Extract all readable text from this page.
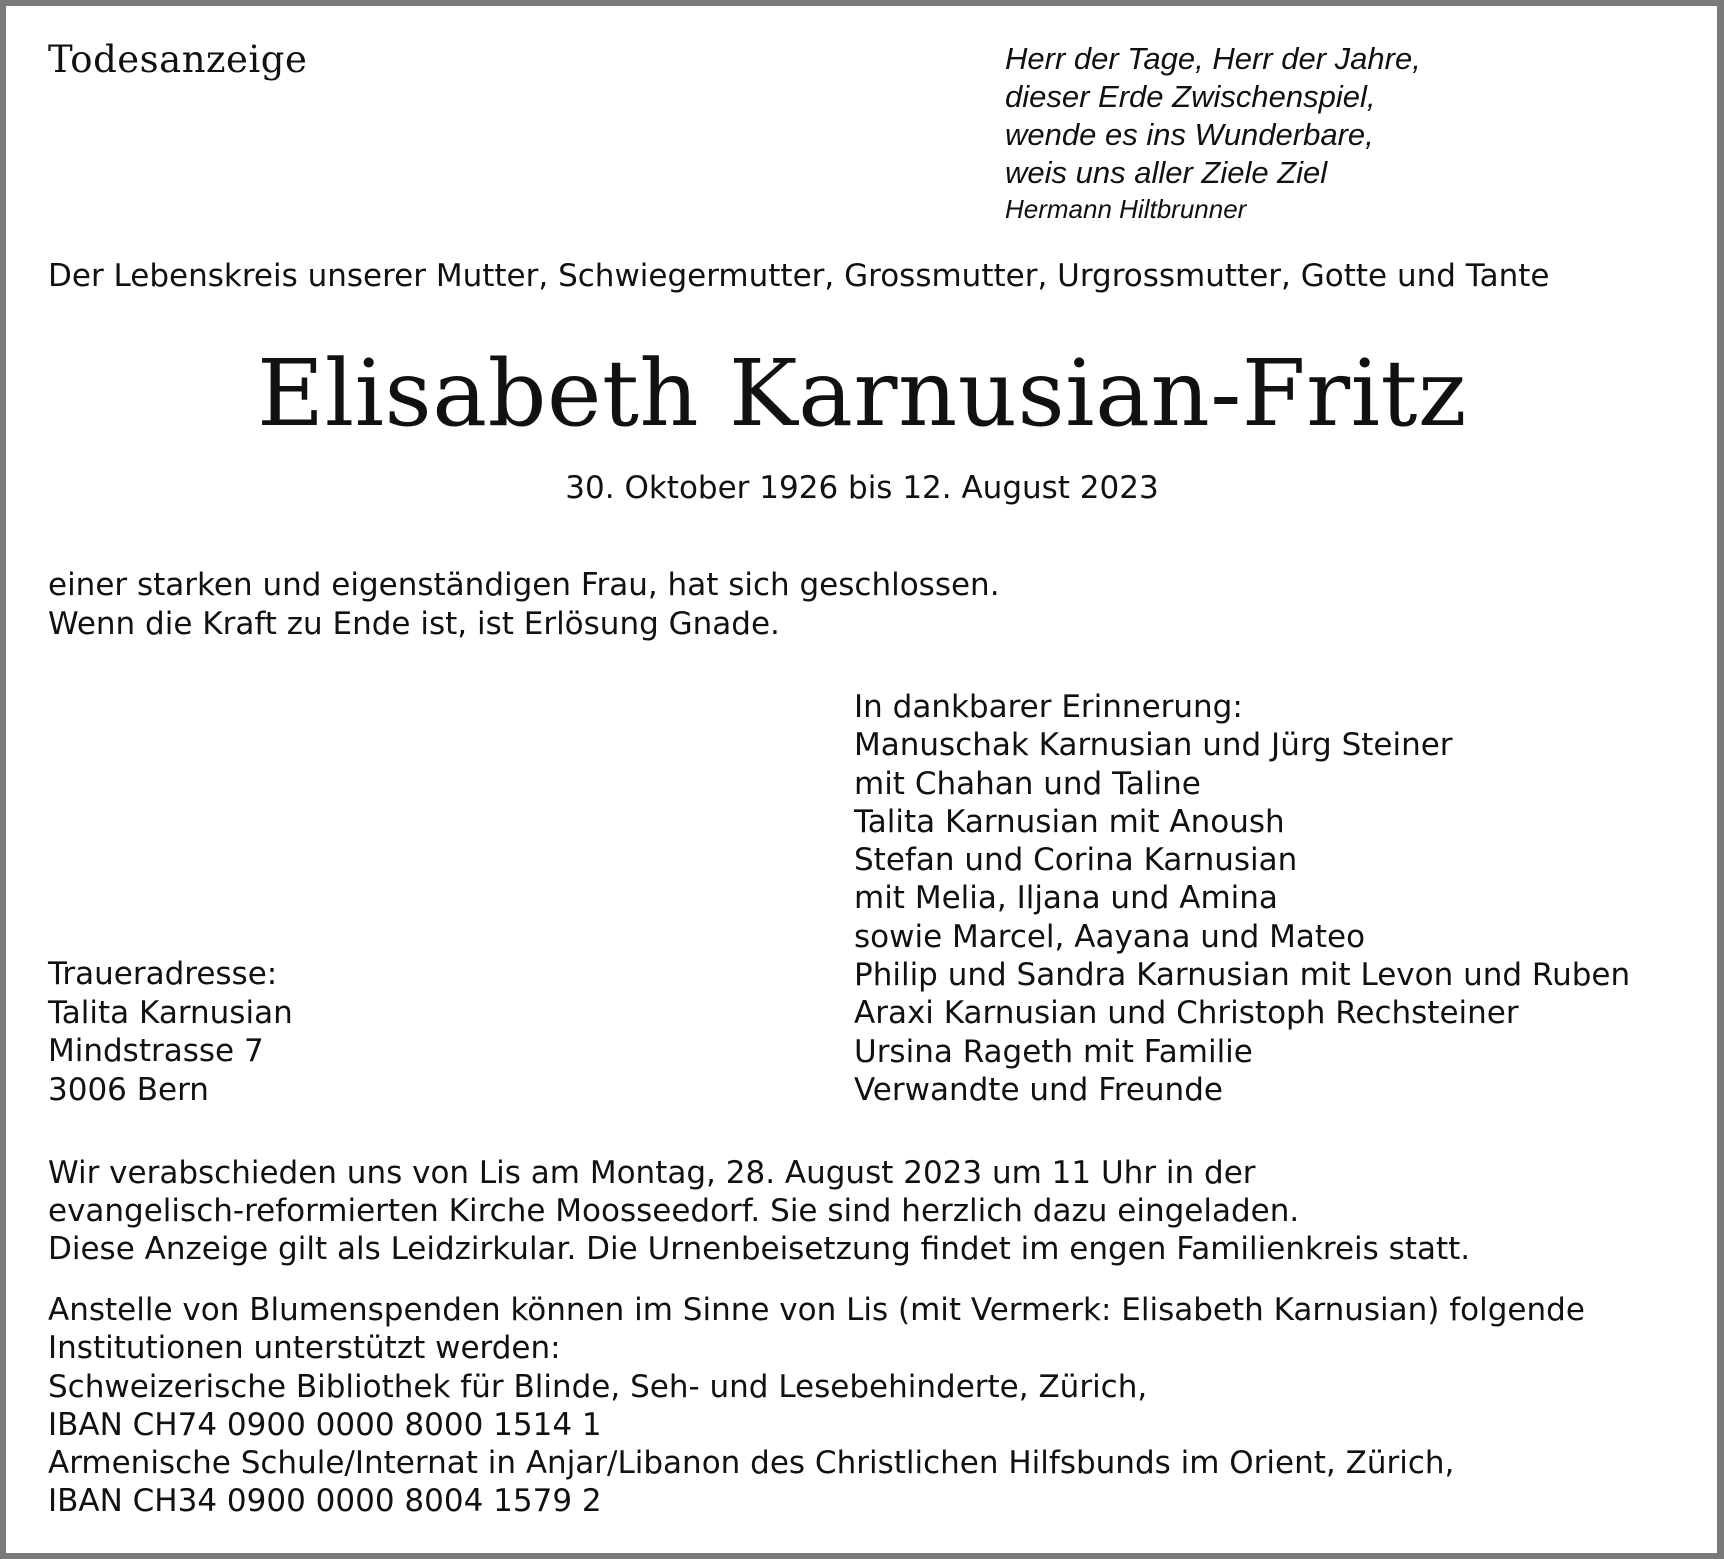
Todesanzeige	Herr der Tage, Herr der Jahre,
dieser Erde Zwischenspiel,
wende es ins Wunderbare,
weis uns aller Ziele Ziel
Hermann Hiltbrunner
Der Lebenskreis unserer Mutter, Schwiegermutter, Grossmutter, Urgrossmutter, Gotte und Tante
Elisabeth Karnusian-Fritz
30. Oktober 1926 bis 12. August 2023
einer starken und eigenständigen Frau, hat sich geschlossen.
Wenn die Kraft zu Ende ist, ist Erlösung Gnade.
In dankbarer Erinnerung:
Manuschak Karnusian und Jürg Steiner
mit Chahan und Taline
Talita Karnusian mit Anoush
Stefan und Corina Karnusian
mit Melia, Iljana und Amina
sowie Marcel, Aayana und Mateo
Philip und Sandra Karnusian mit Levon und Ruben
Araxi Karnusian und Christoph Rechsteiner
Ursina Rageth mit Familie
Verwandte und Freunde
Traueradresse:
Talita Karnusian
Mindstrasse 7
3006 Bern
Wir verabschieden uns von Lis am Montag, 28. August 2023 um 11 Uhr in der
evangelisch-reformierten Kirche Moosseedorf. Sie sind herzlich dazu eingeladen.
Diese Anzeige gilt als Leidzirkular. Die Urnenbeisetzung findet im engen Familienkreis statt.
Anstelle von Blumenspenden können im Sinne von Lis (mit Vermerk: Elisabeth Karnusian) folgende
Institutionen unterstützt werden:
Schweizerische Bibliothek für Blinde, Seh- und Lesebehinderte, Zürich,
IBAN CH74 0900 0000 8000 1514 1
Armenische Schule/Internat in Anjar/Libanon des Christlichen Hilfsbunds im Orient, Zürich,
IBAN CH34 0900 0000 8004 1579 2
